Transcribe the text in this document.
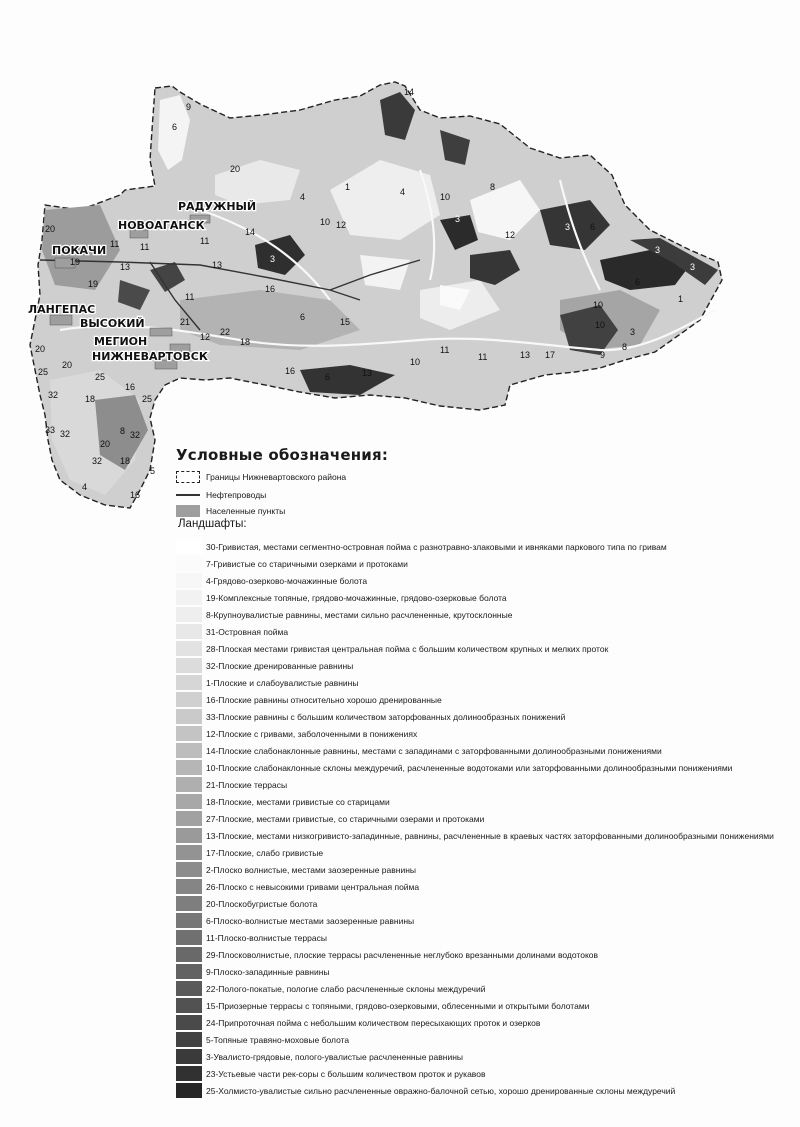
14
6
9
20
4
1	4
3
10 12
10
8
3
12
3 6
3
3
6
1
10
10
3
8
9
13 17
11
11
10
13
6
16
16
15
6
18
22
12
21
11
13
19
19
20
11 11
11
14
13
20
25
32
20
25
33 32
18
20
32
8 32
18
16
16
25
4
5
РАДУЖНЫЙ
НОВОАГАНСК
ПОКАЧИ
ЛАНГЕПАС
ВЫСОКИЙ
МЕГИОН
НИЖНЕВАРТОВСК
Условные обозначения:
Границы Нижневартовского района
Нефтепроводы
Населенные пункты
Ландшафты:
30-Гривистая, местами сегментно-островная пойма с разнотравно-злаковыми и ивняками паркового типа по гривам
7-Гривистые со старичными озерками и протоками
4-Грядово-озерково-мочажинные болота
19-Комплексные топяные, грядово-мочажинные, грядово-озерковые болота
8-Крупноувалистые равнины, местами сильно расчлененные, крутосклонные
31-Островная пойма
28-Плоская местами гривистая центральная пойма с большим количеством крупных и мелких проток
32-Плоские дренированные равнины
1-Плоские и слабоувалистые равнины
16-Плоские равнины относительно хорошо дренированные
33-Плоские равнины с большим количеством заторфованных долинообразных понижений
12-Плоские с гривами, заболоченными в понижениях
14-Плоские слабонаклонные равнины, местами с западинами с заторфованными долинообразными понижениями
10-Плоские слабонаклонные склоны междуречий, расчлененные водотоками или заторфованными долинообразными понижениями
21-Плоские террасы
18-Плоские, местами гривистые со старицами
27-Плоские, местами гривистые, со старичными озерами и протоками
13-Плоские, местами низкогривисто-западинные, равнины, расчлененные в краевых частях заторфованными долинообразными понижениями
17-Плоские, слабо гривистые
2-Плоско волнистые, местами заозеренные равнины
26-Плоско с невысокими гривами центральная пойма
20-Плоскобугристые болота
6-Плоско-волнистые местами заозеренные равнины
11-Плоско-волнистые террасы
29-Плосковолнистые, плоские террасы расчлененные неглубоко врезанными долинами водотоков
9-Плоско-западинные равнины
22-Пологo-покатые, пологие слабо расчлененные склоны междуречий
15-Приозерные террасы с топяными, грядово-озерковыми, облесенными и открытыми болотами
24-Припроточная пойма с небольшим количеством пересыхающих проток и озерков
5-Топяные травяно-моховые болота
3-Увалисто-грядовые, пологo-увалистые расчлененные равнины
23-Устьевые части рек-соры с большим количеством проток и рукавов
25-Холмисто-увалистые сильно расчлененные овражно-балочной сетью, хорошо дренированные склоны междуречий
